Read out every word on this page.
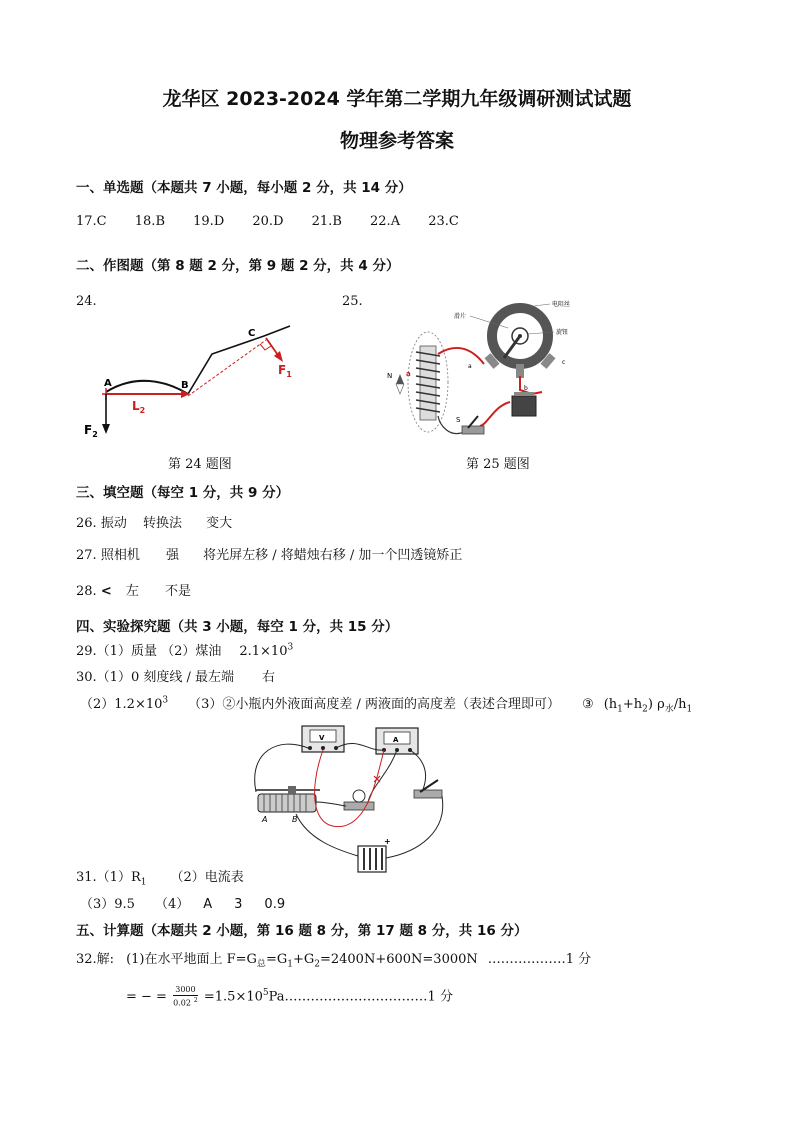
龙华区 2023-2024 学年第二学期九年级调研测试试题
物理参考答案
一、单选题（本题共 7 小题，每小题 2 分，共 14 分）
17.C 18.B 19.D 20.D 21.B 22.A 23.C
二、作图题（第 8 题 2 分，第 9 题 2 分，共 4 分）
24.	25.
A	B
C
$F_1$
$L_2$
$F_2$
滑片
电阻丝
旋钮
a
b
c
N a
S
第 24 题图	第 25 题图
三、填空题（每空 1 分，共 9 分）
26. 振动 转换法 变大
27. 照相机 强 将光屏左移 / 将蜡烛右移 / 加一个凹透镜矫正
28. < 左 不是
四、实验探究题（共 3 小题，每空 1 分，共 15 分）
29.（1）质量 （2）煤油 $2.1\times 10^3$
30.（1）0 刻度线 / 最左端 右
$(2)1.2\times 10^3$ （3）②小瓶内外液面高度差 / 两液面的高度差（表述合理即可） ③ $(h_1+h_2)$ $\rho_水/h_1$
V	A
A	B
+
$31.(1)R_1$ （2）电流表
（3）9.5 （4） A 3 0.9
五、计算题（本题共 2 小题，第 16 题 8 分，第 17 题 8 分，共 16 分）
32.解: (1)在水平地面上 $F=G_总=G_1+G_2=2400N+600N=3000N$ ………………1 分
= − = $\frac{3000}{0.02 ^2}$ $=1.5\times 10^5Pa\dots\dots\dots\dots\dots\dots\dots\dots\dots\dots\dots 1$ 分
